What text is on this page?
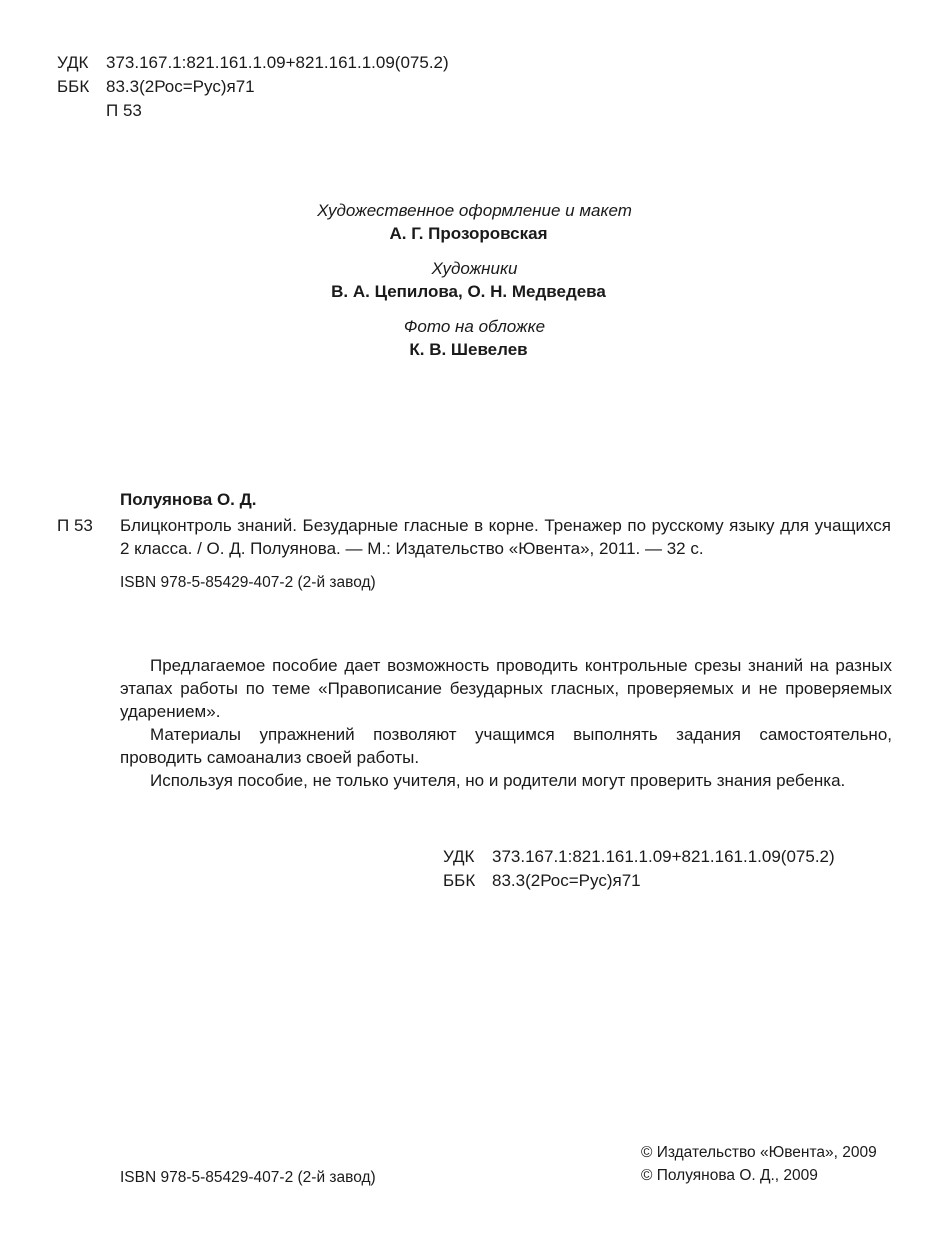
УДК	373.167.1:821.161.1.09+821.161.1.09(075.2)
ББК 83.3(2Рос=Рус)я71
П 53
Художественное оформление и макет
А. Г. Прозоровская
Художники
В. А. Цепилова, О. Н. Медведева
Фото на обложке
К. В. Шевелев
Полуянова О. Д.
П 53	Блицконтроль знаний. Безударные гласные в корне. Тренажер по русскому языку для учащихся 2 класса. / О. Д. Полуянова. — М.: Издательство «Ювента», 2011. — 32 с.
ISBN 978-5-85429-407-2 (2-й завод)

Предлагаемое пособие дает возможность проводить контрольные срезы знаний на разных этапах работы по теме «Правописание безударных гласных, проверяемых и не проверяемых ударением».

Материалы упражнений позволяют учащимся выполнять задания самостоятельно, проводить самоанализ своей работы.

Используя пособие, не только учителя, но и родители могут проверить знания ребенка.

УДК	373.167.1:821.161.1.09+821.161.1.09(075.2)
ББК 83.3(2Рос=Рус)я71
ISBN 978-5-85429-407-2 (2-й завод)
© Издательство «Ювента», 2009
© Полуянова О. Д., 2009
